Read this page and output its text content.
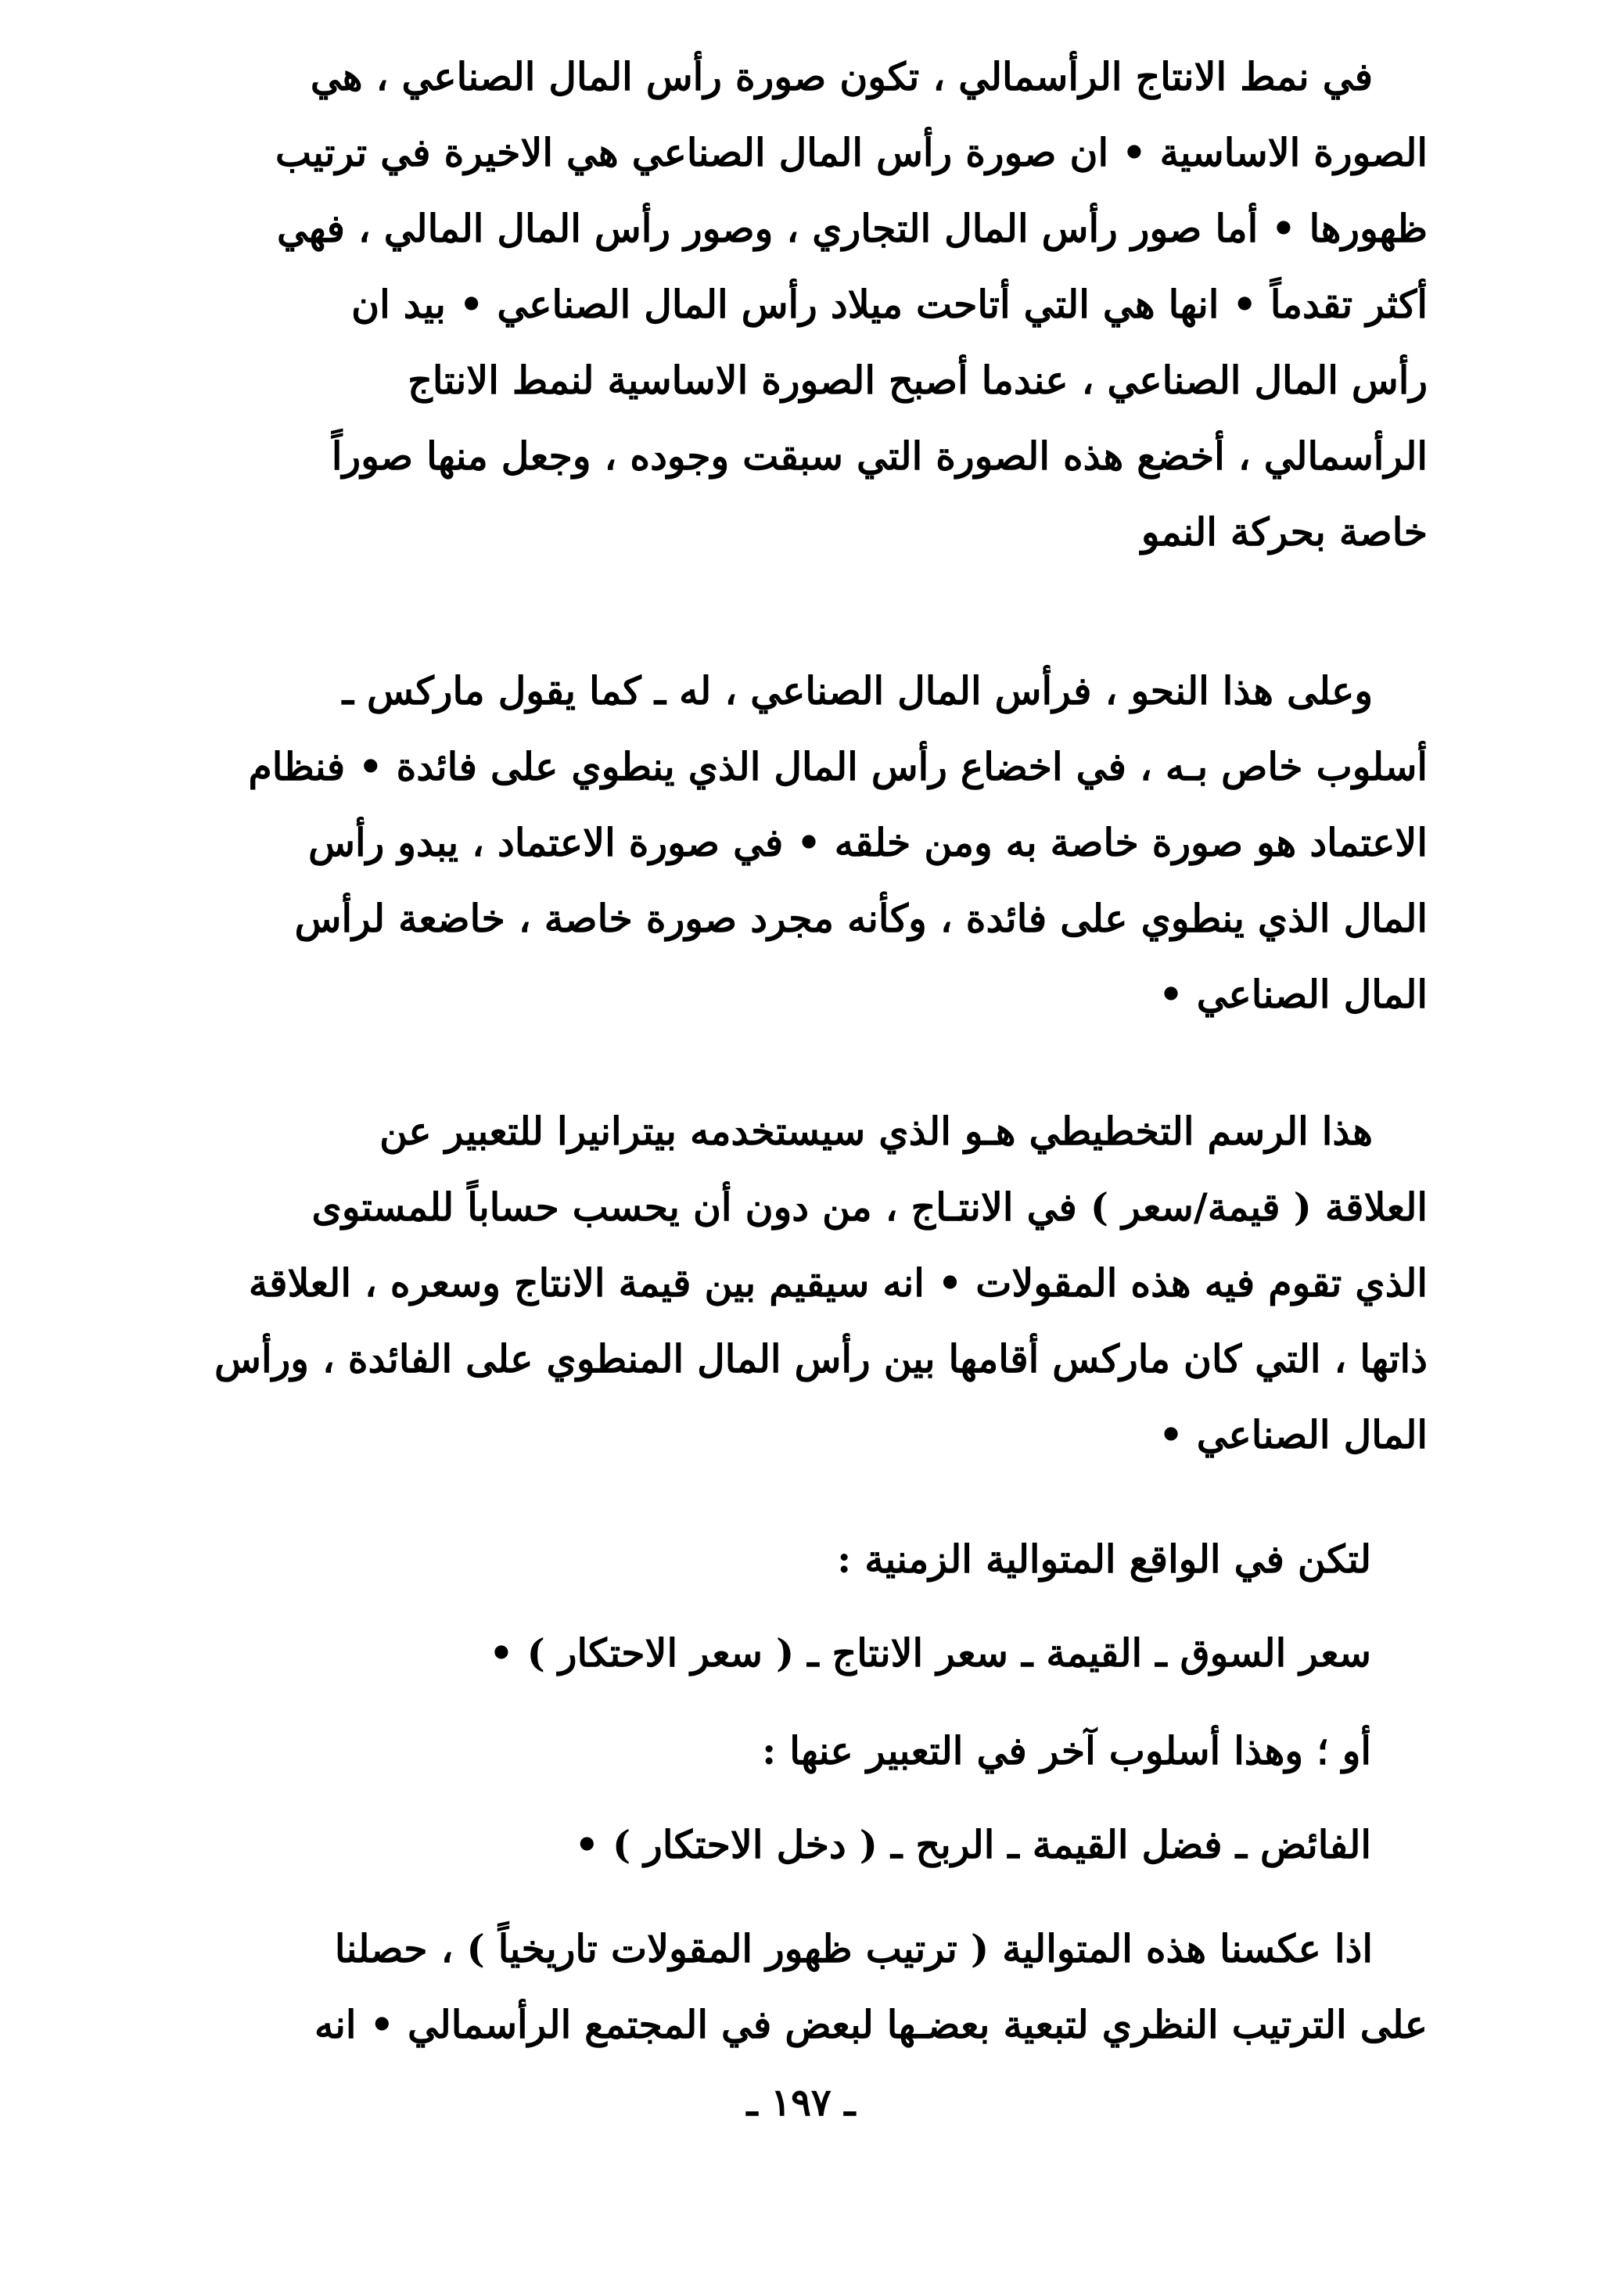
في نمط الانتاج الرأسمالي ، تكون صورة رأس المال الصناعي ، هي
الصورة الاساسية • ان صورة رأس المال الصناعي هي الاخيرة في ترتيب
ظهورها • أما صور رأس المال التجاري ، وصور رأس المال المالي ، فهي
أكثر تقدماً • انها هي التي أتاحت ميلاد رأس المال الصناعي • بيد ان
رأس المال الصناعي ، عندما أصبح الصورة الاساسية لنمط الانتاج
الرأسمالي ، أخضع هذه الصورة التي سبقت وجوده ، وجعل منها صوراً
خاصة بحركة النمو
وعلى هذا النحو ، فرأس المال الصناعي ، له ـ كما يقول ماركس ـ
أسلوب خاص بـه ، في اخضاع رأس المال الذي ينطوي على فائدة • فنظام
الاعتماد هو صورة خاصة به ومن خلقه • في صورة الاعتماد ، يبدو رأس
المال الذي ينطوي على فائدة ، وكأنه مجرد صورة خاصة ، خاضعة لرأس
المال الصناعي •
هذا الرسم التخطيطي هـو الذي سيستخدمه بيترانيرا للتعبير عن
العلاقة ( قيمة/سعر ) في الانتـاج ، من دون أن يحسب حساباً للمستوى
الذي تقوم فيه هذه المقولات • انه سيقيم بين قيمة الانتاج وسعره ، العلاقة
ذاتها ، التي كان ماركس أقامها بين رأس المال المنطوي على الفائدة ، ورأس
المال الصناعي •
لتكن في الواقع المتوالية الزمنية :
سعر السوق ـ القيمة ـ سعر الانتاج ـ ( سعر الاحتكار ) •
أو ؛ وهذا أسلوب آخر في التعبير عنها :
الفائض ـ فضل القيمة ـ الربح ـ ( دخل الاحتكار ) •
اذا عكسنا هذه المتوالية ( ترتيب ظهور المقولات تاريخياً ) ، حصلنا
على الترتيب النظري لتبعية بعضـها لبعض في المجتمع الرأسمالي • انه
ـ ١٩٧ ـ
